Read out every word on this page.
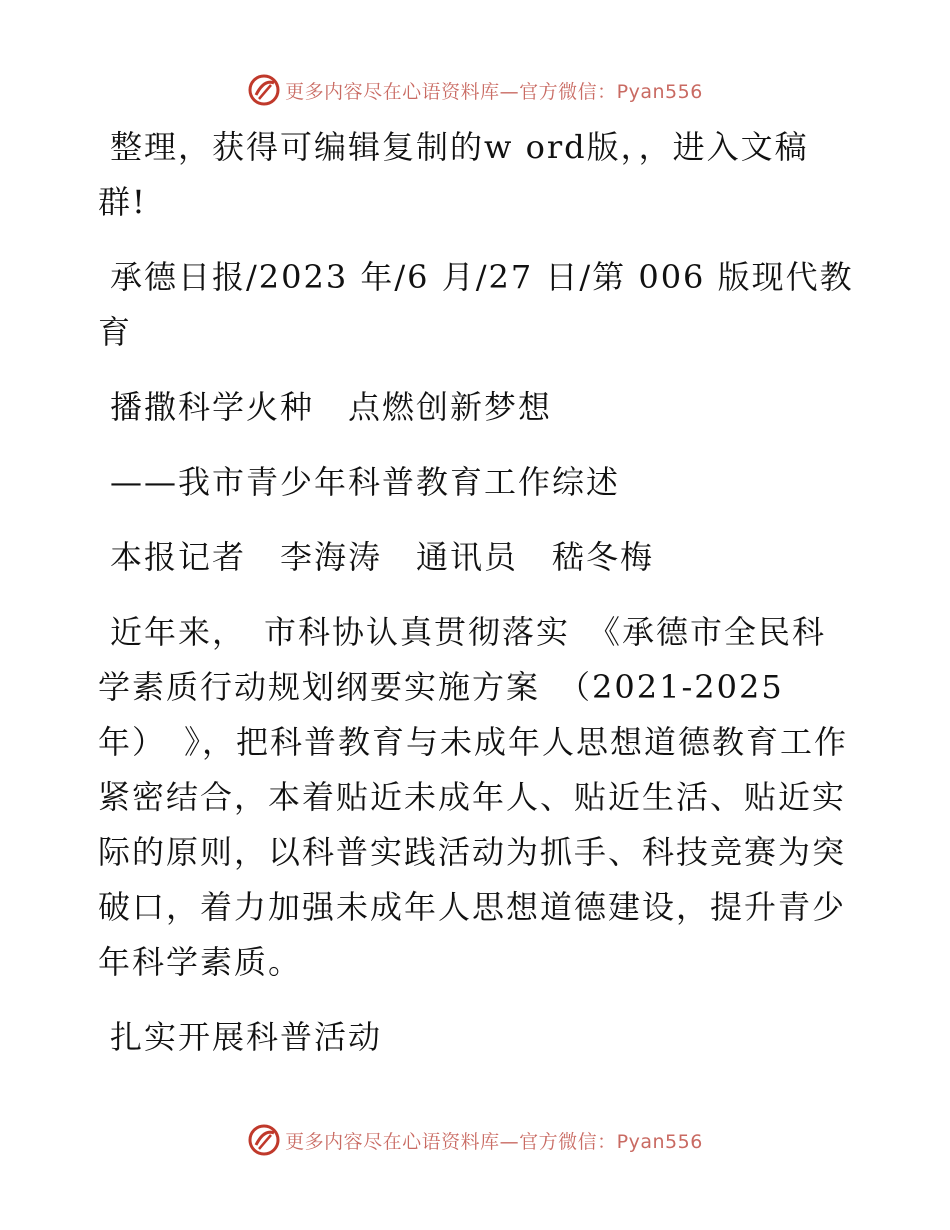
更多内容尽在心语资料库—官方微信：Pyan556

整理，获得可编辑复制的w ord版，，进入文稿群!

承德日报/2023 年/6 月/27 日/第 006 版现代教育

播撒科学火种　点燃创新梦想

——我市青少年科普教育工作综述

本报记者　李海涛　通讯员　嵇冬梅

近年来，　市科协认真贯彻落实　《承德市全民科学素质行动规划纲要实施方案　（2021-2025 年）　》，把科普教育与未成年人思想道德教育工作紧密结合，本着贴近未成年人、贴近生活、贴近实际的原则，以科普实践活动为抓手、科技竞赛为突破口，着力加强未成年人思想道德建设，提升青少年科学素质。

扎实开展科普活动

更多内容尽在心语资料库—官方微信：Pyan556
